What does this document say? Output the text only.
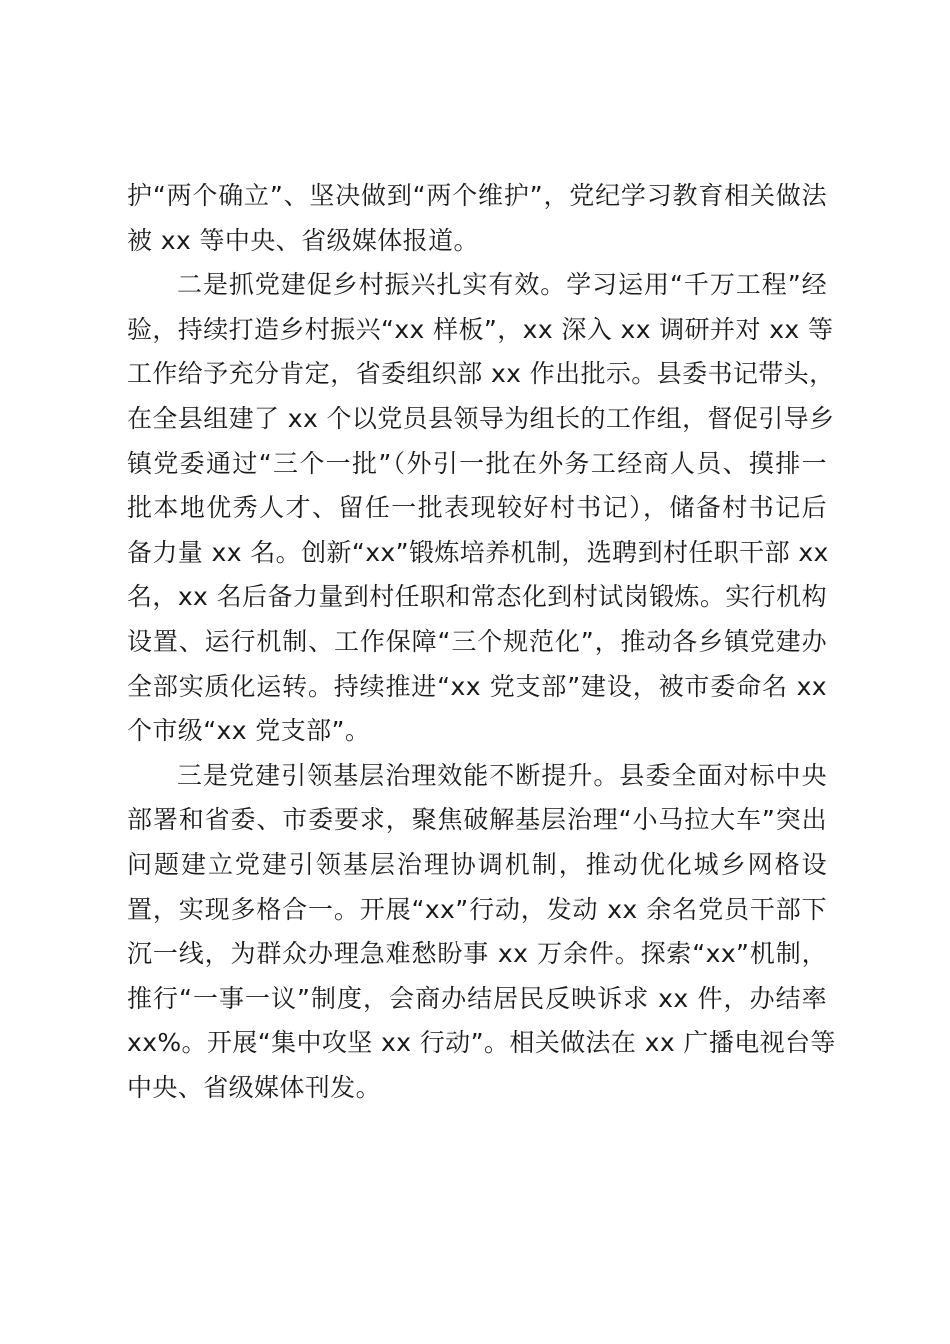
护“两个确立”、坚决做到“两个维护”，党纪学习教育相关做法
被 xx 等中央、省级媒体报道。
二是抓党建促乡村振兴扎实有效。学习运用“千万工程”经
验，持续打造乡村振兴“xx 样板”，xx 深入 xx 调研并对 xx 等
工作给予充分肯定，省委组织部 xx 作出批示。县委书记带头，
在全县组建了 xx 个以党员县领导为组长的工作组，督促引导乡
镇党委通过“三个一批”（外引一批在外务工经商人员、摸排一
批本地优秀人才、留任一批表现较好村书记），储备村书记后
备力量 xx 名。创新“xx”锻炼培养机制，选聘到村任职干部 xx
名，xx 名后备力量到村任职和常态化到村试岗锻炼。实行机构
设置、运行机制、工作保障“三个规范化”，推动各乡镇党建办
全部实质化运转。持续推进“xx 党支部”建设，被市委命名 xx
个市级“xx 党支部”。
三是党建引领基层治理效能不断提升。县委全面对标中央
部署和省委、市委要求，聚焦破解基层治理“小马拉大车”突出
问题建立党建引领基层治理协调机制，推动优化城乡网格设
置，实现多格合一。开展“xx”行动，发动 xx 余名党员干部下
沉一线，为群众办理急难愁盼事 xx 万余件。探索“xx”机制，
推行“一事一议”制度，会商办结居民反映诉求 xx 件，办结率
xx%。开展“集中攻坚 xx 行动”。相关做法在 xx 广播电视台等
中央、省级媒体刊发。
